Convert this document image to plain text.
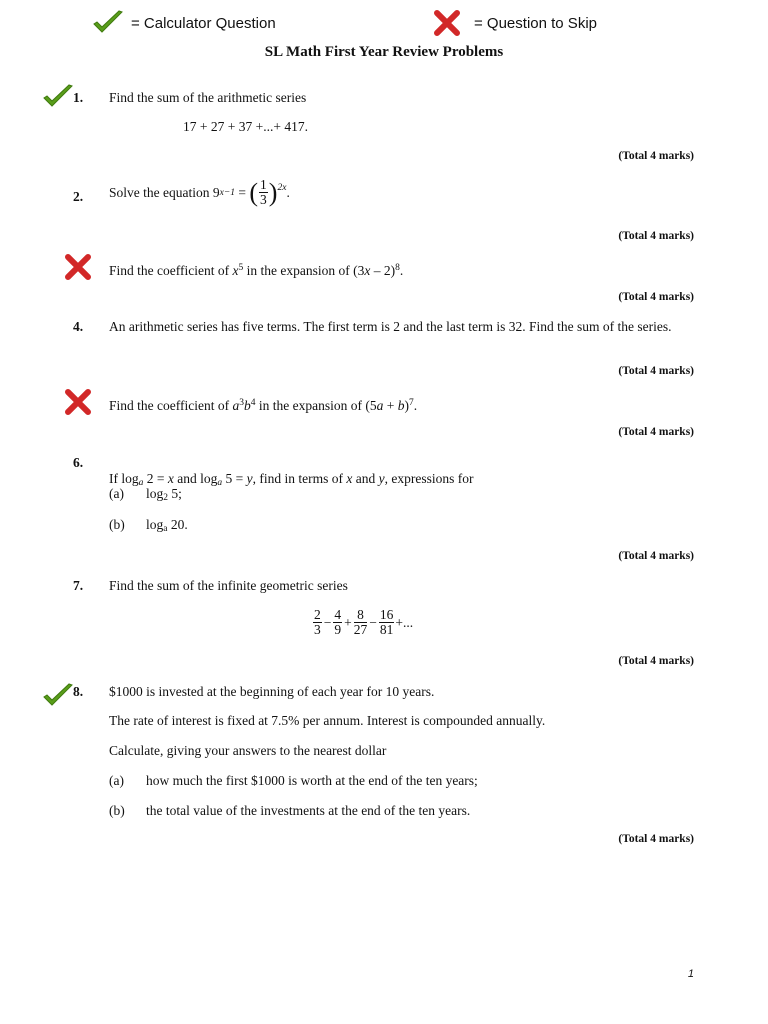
= Calculator Question	= Question to Skip
SL Math First Year Review Problems
1. Find the sum of the arithmetic series
17 + 27 + 37 +...+ 417.
(Total 4 marks)
2. Solve the equation 9 x−1 = ( $\frac{1}{3}$ ) 2x .
(Total 4 marks)
Find the coefficient of $x^5$ in the expansion of (3x – 2)$^8$.
(Total 4 marks)
4. An arithmetic series has five terms. The first term is 2 and the last term is 32. Find the sum of the series.
(Total 4 marks)
Find the coefficient of $a^3b^4$ in the expansion of $(5a + b)^7$.
(Total 4 marks)
6.

If $\log_a 2 = x$ and $\log_a 5 = y$, find in terms of x and y, expressions for
(a) $\log_2 5$;
(b) $\log_a 20$.
(Total 4 marks)
7. Find the sum of the infinite geometric series
$\frac{2}{3} - \frac{4}{9} + \frac{8}{27} - \frac{16}{81}$ +...
(Total 4 marks)
8. $1000 is invested at the beginning of each year for 10 years.
The rate of interest is fixed at 7.5% per annum. Interest is compounded annually.
Calculate, giving your answers to the nearest dollar
(a) how much the first $1000 is worth at the end of the ten years;
(b) the total value of the investments at the end of the ten years.
(Total 4 marks)
1
